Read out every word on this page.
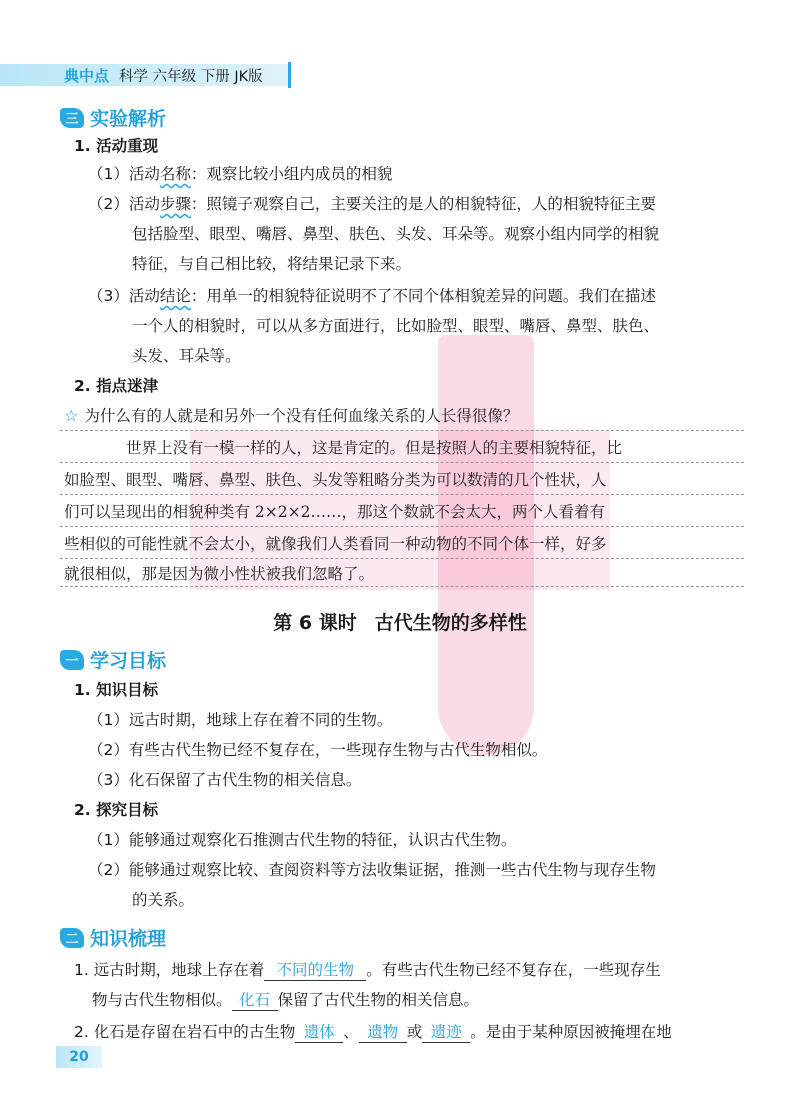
典中点 科学 六年级 下册 JK版
三 实验解析
1. 活动重现
（1）活动名称：观察比较小组内成员的相貌
（2）活动步骤：照镜子观察自己，主要关注的是人的相貌特征，人的相貌特征主要
包括脸型、眼型、嘴唇、鼻型、肤色、头发、耳朵等。观察小组内同学的相貌
特征，与自己相比较，将结果记录下来。
（3）活动结论：用单一的相貌特征说明不了不同个体相貌差异的问题。我们在描述
一个人的相貌时，可以从多方面进行，比如脸型、眼型、嘴唇、鼻型、肤色、
头发、耳朵等。
2. 指点迷津
☆ 为什么有的人就是和另外一个没有任何血缘关系的人长得很像？
世界上没有一模一样的人，这是肯定的。但是按照人的主要相貌特征，比
如脸型、眼型、嘴唇、鼻型、肤色、头发等粗略分类为可以数清的几个性状，人
们可以呈现出的相貌种类有 2×2×2……，那这个数就不会太大，两个人看着有
些相似的可能性就不会太小，就像我们人类看同一种动物的不同个体一样，好多
就很相似，那是因为微小性状被我们忽略了。
第 6 课时 古代生物的多样性
一 学习目标
1. 知识目标
（1）远古时期，地球上存在着不同的生物。
（2）有些古代生物已经不复存在，一些现存生物与古代生物相似。
（3）化石保留了古代生物的相关信息。
2. 探究目标
（1）能够通过观察化石推测古代生物的特征，认识古代生物。
（2）能够通过观察比较、查阅资料等方法收集证据，推测一些古代生物与现存生物
的关系。
二 知识梳理
1. 远古时期，地球上存在着 不同的生物 。有些古代生物已经不复存在，一些现存生
物与古代生物相似。 化石 保留了古代生物的相关信息。
2. 化石是存留在岩石中的古生物 遗体 、 遗物 或 遗迹 。是由于某种原因被掩埋在地
20
